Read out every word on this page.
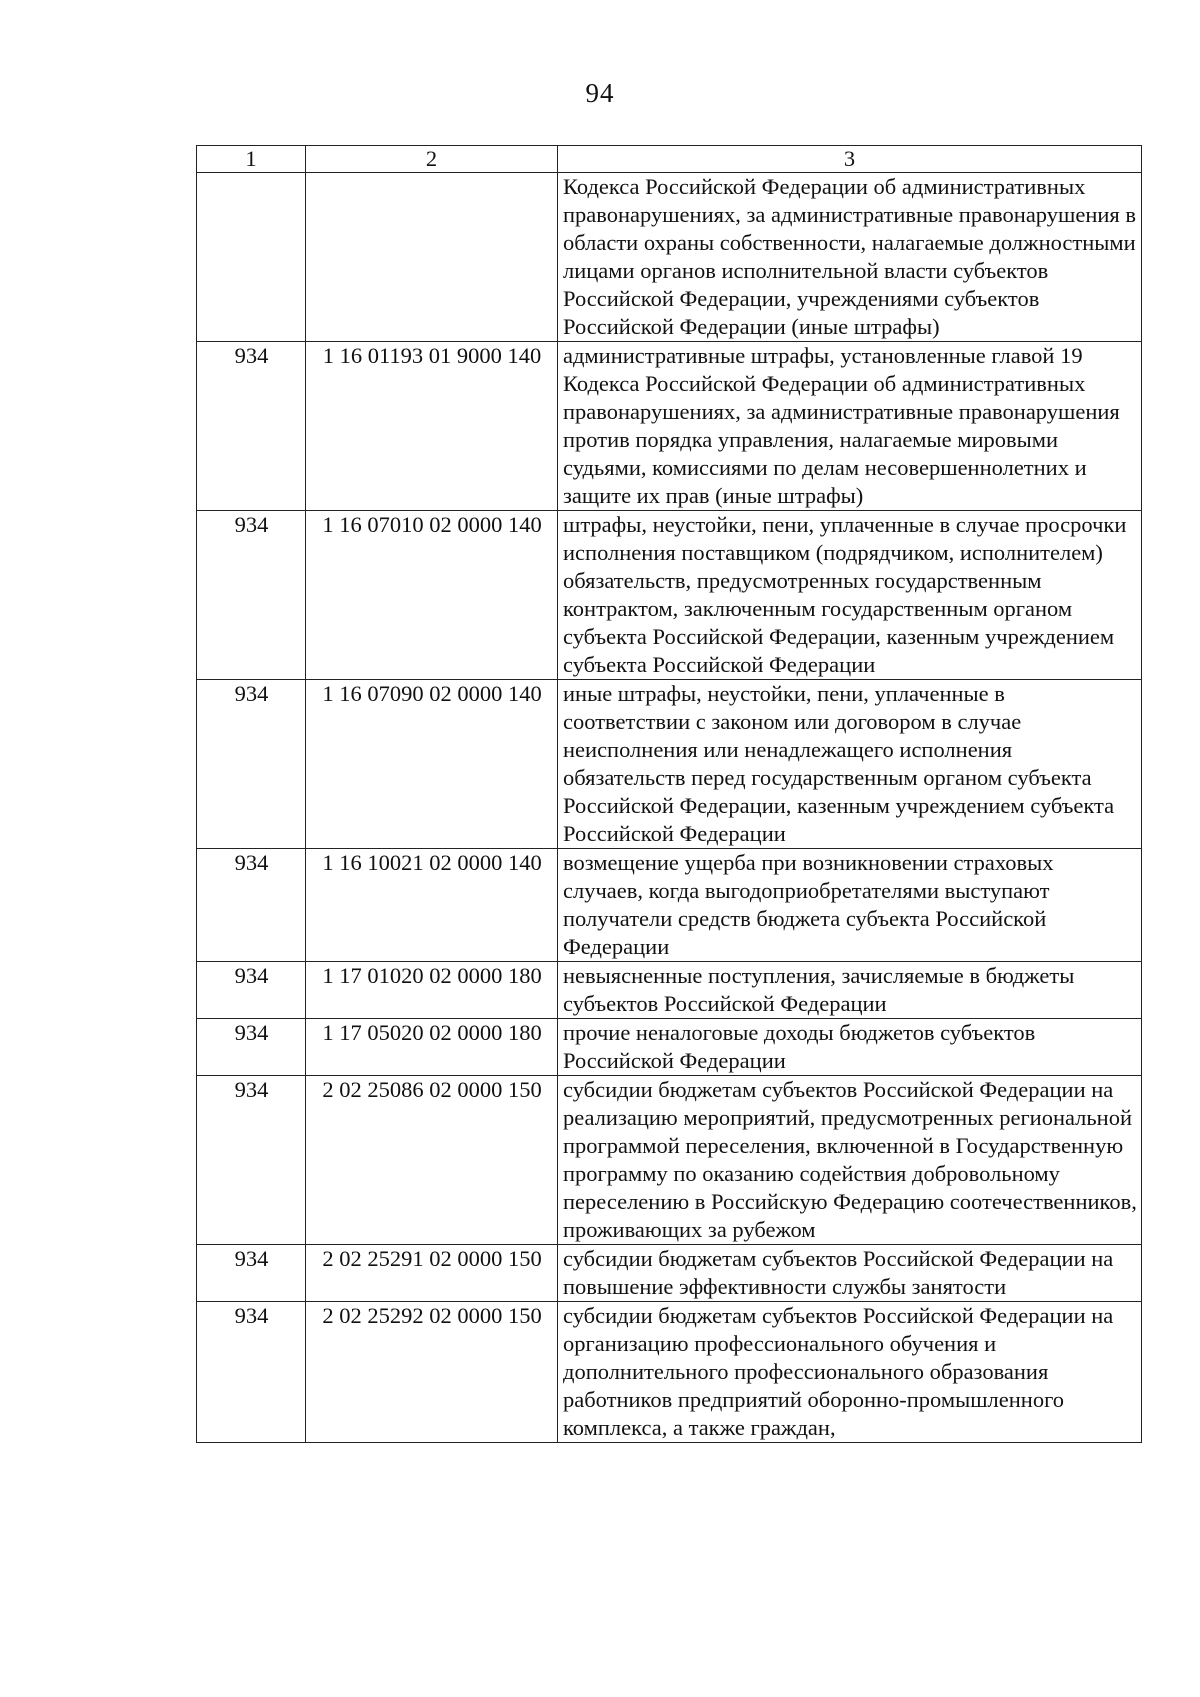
94
1	2	3
		Кодекса Российской Федерации об административных правонарушениях, за административные правонарушения в области охраны собственности, налагаемые должностными лицами органов исполнительной власти субъектов Российской Федерации, учреждениями субъектов Российской Федерации (иные штрафы)
934	1 16 01193 01 9000 140	административные штрафы, установленные главой 19 Кодекса Российской Федерации об административных правонарушениях, за административные правонарушения против порядка управления, налагаемые мировыми судьями, комиссиями по делам несовершеннолетних и защите их прав (иные штрафы)
934	1 16 07010 02 0000 140	штрафы, неустойки, пени, уплаченные в случае просрочки исполнения поставщиком (подрядчиком, исполнителем) обязательств, предусмотренных государственным контрактом, заключенным государственным органом субъекта Российской Федерации, казенным учреждением субъекта Российской Федерации
934	1 16 07090 02 0000 140	иные штрафы, неустойки, пени, уплаченные в соответствии с законом или договором в случае неисполнения или ненадлежащего исполнения обязательств перед государственным органом субъекта Российской Федерации, казенным учреждением субъекта Российской Федерации
934	1 16 10021 02 0000 140	возмещение ущерба при возникновении страховых случаев, когда выгодоприобретателями выступают получатели средств бюджета субъекта Российской Федерации
934	1 17 01020 02 0000 180	невыясненные поступления, зачисляемые в бюджеты субъектов Российской Федерации
934	1 17 05020 02 0000 180	прочие неналоговые доходы бюджетов субъектов Российской Федерации
934	2 02 25086 02 0000 150	субсидии бюджетам субъектов Российской Федерации на реализацию мероприятий, предусмотренных региональной программой переселения, включенной в Государственную программу по оказанию содействия добровольному переселению в Российскую Федерацию соотечественников, проживающих за рубежом
934	2 02 25291 02 0000 150	субсидии бюджетам субъектов Российской Федерации на повышение эффективности службы занятости
934	2 02 25292 02 0000 150	субсидии бюджетам субъектов Российской Федерации на организацию профессионального обучения и дополнительного профессионального образования работников предприятий оборонно-промышленного комплекса, а также граждан,
